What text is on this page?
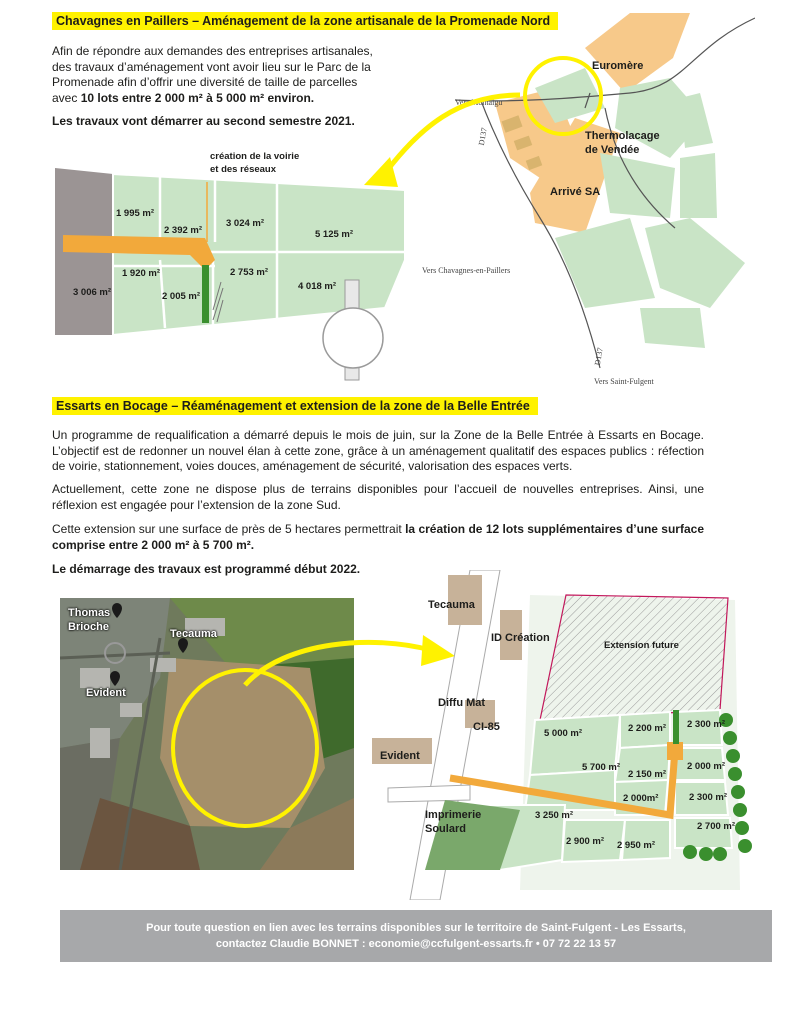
Chavagnes en Paillers – Aménagement de la zone artisanale de la Promenade Nord
Afin de répondre aux demandes des entreprises artisanales,
des travaux d’aménagement vont avoir lieu sur le Parc de la
Promenade afin d’offrir une diversité de taille de parcelles
avec 10 lots entre 2 000 m² à 5 000 m² environ.
Les travaux vont démarrer au second semestre 2021.
création de la voirie
et des réseaux
1 995 m²
2 392 m²
3 024 m²
5 125 m²
1 920 m²	2 753 m²
3 006 m²	2 005 m²
4 018 m²
Euromère
Thermolacage
de Vendée
Arrivé SA
Vers Montaigu
D137
Vers Chavagnes-en-Paillers
D137
Vers Saint-Fulgent
Essarts en Bocage – Réaménagement et extension de la zone de la Belle Entrée
Un programme de requalification a démarré depuis le mois de juin, sur la Zone de la Belle Entrée à Essarts en Bocage. L’objectif est de redonner un nouvel élan à cette zone, grâce à un aménagement qualitatif des espaces publics : réfection de voirie, stationnement, voies douces, aménagement de sécurité, valorisation des espaces verts.
Actuellement, cette zone ne dispose plus de terrains disponibles pour l’accueil de nouvelles entreprises. Ainsi, une réflexion est engagée pour l’extension de la zone Sud.
Cette extension sur une surface de près de 5 hectares permettrait la création de 12 lots supplémentaires d’une surface comprise entre 2 000 m² à 5 700 m².
Le démarrage des travaux est programmé début 2022.
Thomas
Brioche
Tecauma
Evident
Tecauma
ID Création
Diffu Mat
CI-85
Evident
Imprimerie
Soulard
Extension future
5 000 m²	2 200 m² 2 300 m²
5 700 m²
2 150 m²
2 000 m²
2 000m²	2 300 m²
3 250 m²
2 700 m²
2 900 m² 2 950 m²
Pour toute question en lien avec les terrains disponibles sur le territoire de Saint-Fulgent - Les Essarts,
contactez Claudie BONNET : economie@ccfulgent-essarts.fr • 07 72 22 13 57
